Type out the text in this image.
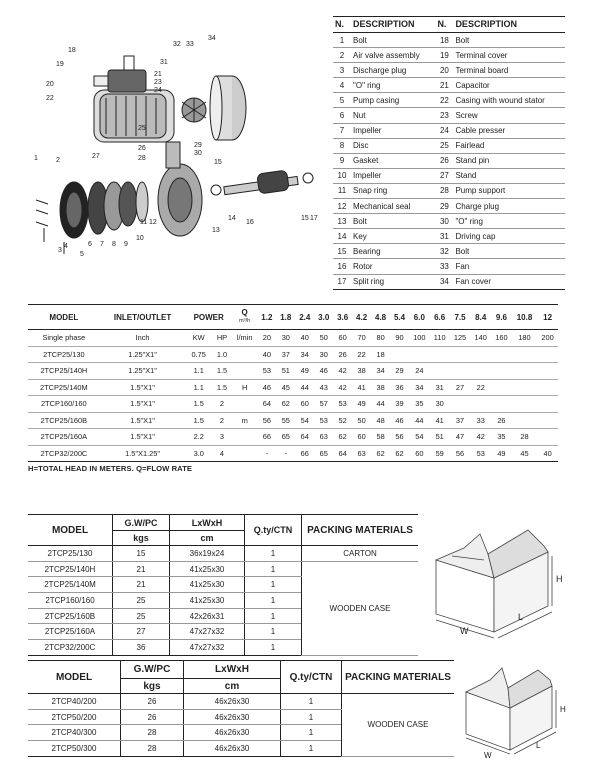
18
19
20
22
31
21
23
24
32 33
34
25
26
27	28
29
30
1	2
3
4
5
6 7 8 9
10
11 12
13
14
15
16
15 17
N.	DESCRIPTION	N.	DESCRIPTION
1	Bolt	18	Bolt
2	Air valve assembly	19	Terminal cover
3	Discharge plug	20	Terminal board
4	"O" ring	21	Capacitor
5	Pump casing	22	Casing with wound stator
6	Nut	23	Screw
7	Impeller	24	Cable presser
8	Disc	25	Fairlead
9	Gasket	26	Stand pin
10	Impeller	27	Stand
11	Snap ring	28	Pump support
12	Mechanical seal	29	Charge plug
13	Bolt	30	"O" ring
14	Key	31	Driving cap
15	Bearing	32	Bolt
16	Rotor	33	Fan
17	Split ring	34	Fan cover
MODEL	INLET/OUTLET	POWER		Q
m³/h	1.2	1.8	2.4	3.0	3.6	4.2	4.8	5.4	6.0	6.6	7.5	8.4	9.6	10.8	12
Single phase	Inch	KW	HP	l/min	20	30	40	50	60	70	80	90	100	110	125	140	160	180	200
2TCP25/130	1.25"X1"	0.75	1.0		40	37	34	30	26	22	18								
2TCP25/140H	1.25"X1"	1.1	1.5		53	51	49	46	42	38	34	29	24						
2TCP25/140M	1.5"X1"	1.1	1.5	H	46	45	44	43	42	41	38	36	34	31	27	22			
2TCP160/160	1.5"X1"	1.5	2		64	62	60	57	53	49	44	39	35	30					
2TCP25/160B	1.5"X1"	1.5	2	m	56	55	54	53	52	50	48	46	44	41	37	33	26		
2TCP25/160A	1.5"X1"	2.2	3		66	65	64	63	62	60	58	56	54	51	47	42	35	28	
2TCP32/200C	1.5"X1.25"	3.0	4		-	-	66	65	64	63	62	62	60	59	56	53	49	45	40
H=TOTAL HEAD IN METERS. Q=FLOW RATE
MODEL	G.W/PC	LxWxH	Q.ty/CTN	PACKING MATERIALS
	kgs	cm		
2TCP25/130	15	36x19x24	1	CARTON
2TCP25/140H	21	41x25x30	1	WOODEN CASE
2TCP25/140M	21	41x25x30	1	
2TCP160/160	25	41x25x30	1	
2TCP25/160B	25	42x26x31	1	
2TCP25/160A	27	47x27x32	1	
2TCP32/200C	36	47x27x32	1	
MODEL	G.W/PC	LxWxH	Q.ty/CTN	PACKING MATERIALS
	kgs	cm		
2TCP40/200	26	46x26x30	1	WOODEN CASE
2TCP50/200	26	46x26x30	1	
2TCP40/300	28	46x26x30	1	
2TCP50/300	28	46x26x30	1	
H
L
W
H
L
W
